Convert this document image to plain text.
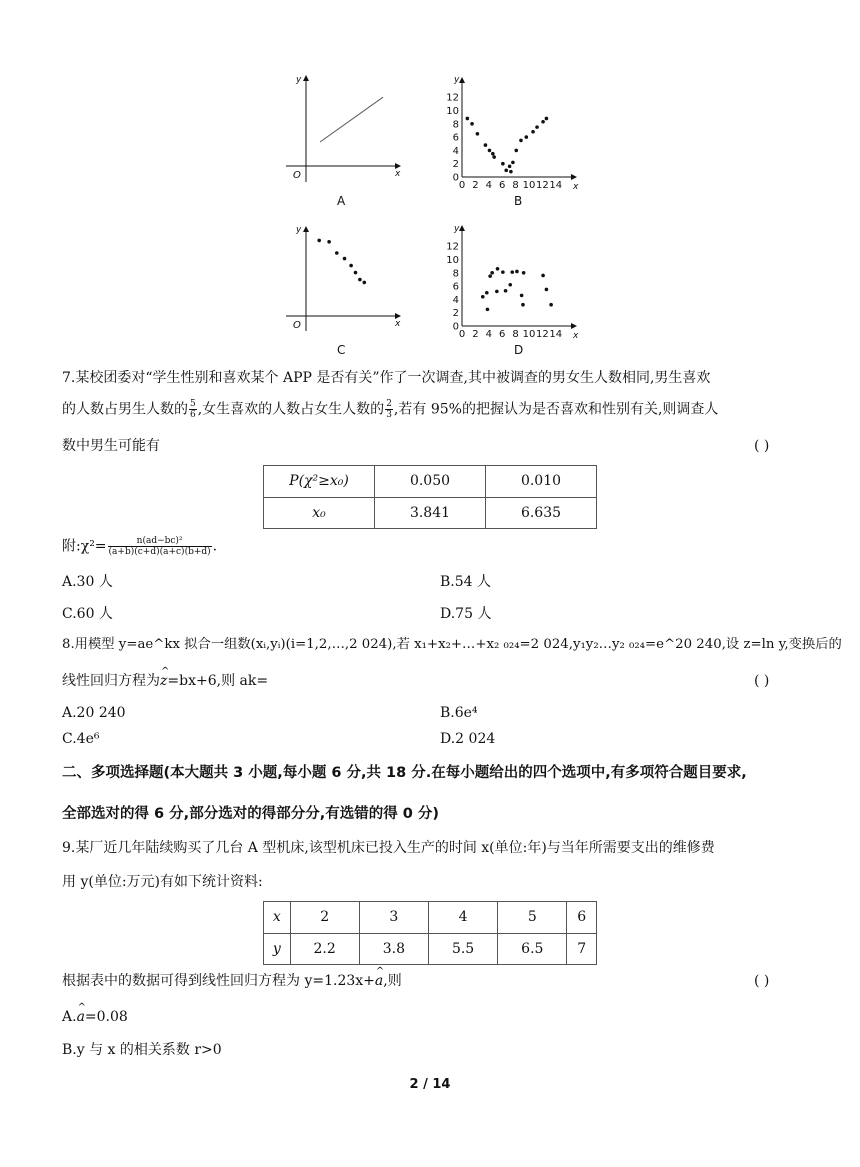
y
x
O
A
y
x
B
0 2 4 6 8 10 12 14
0
2
4
6
8
10
12
y
x
O
C
y
x
D
0 2 4 6 8 10 12 14
0
2
4
6
8
10
12
7.某校团委对“学生性别和喜欢某个 APP 是否有关”作了一次调查,其中被调查的男女生人数相同,男生喜欢
的人数占男生人数的 $\frac{5}{6}$ ,女生喜欢的人数占女生人数的 $\frac{2}{3}$ ,若有 95%的把握认为是否喜欢和性别有关,则调查人
数中男生可能有	( )
P(χ²≥x₀)	0.050	0.010
x₀	3.841	6.635
附:χ²= $\frac{\text{n(ad−bc)²}}{(a+b)(c+d)(a+c)(b+d)}$ .
A.30 人	B.54 人
C.60 人	D.75 人
8.用模型 y=ae^kx 拟合一组数(xᵢ,yᵢ)(i=1,2,…,2 024),若 x₁+x₂+…+x₂ ₀₂₄=2 024,y₁y₂…y₂ ₀₂₄=e^20 240,设 z=ln y,变换后的
线性回归方程为^ z=bx+6,则 ak=	( )
A.20 240	B.6e⁴
C.4e⁶	D.2 024
二、多项选择题(本大题共 3 小题,每小题 6 分,共 18 分.在每小题给出的四个选项中,有多项符合题目要求,
全部选对的得 6 分,部分选对的得部分分,有选错的得 0 分)
9.某厂近几年陆续购买了几台 A 型机床,该型机床已投入生产的时间 x(单位:年)与当年所需要支出的维修费
用 y(单位:万元)有如下统计资料:
x	2	3	4	5	6
y	2.2	3.8	5.5	6.5	7
根据表中的数据可得到线性回归方程为 y=1.23x+^ a,则	( )
A.^ a=0.08
B.y 与 x 的相关系数 r>0
2 / 14
